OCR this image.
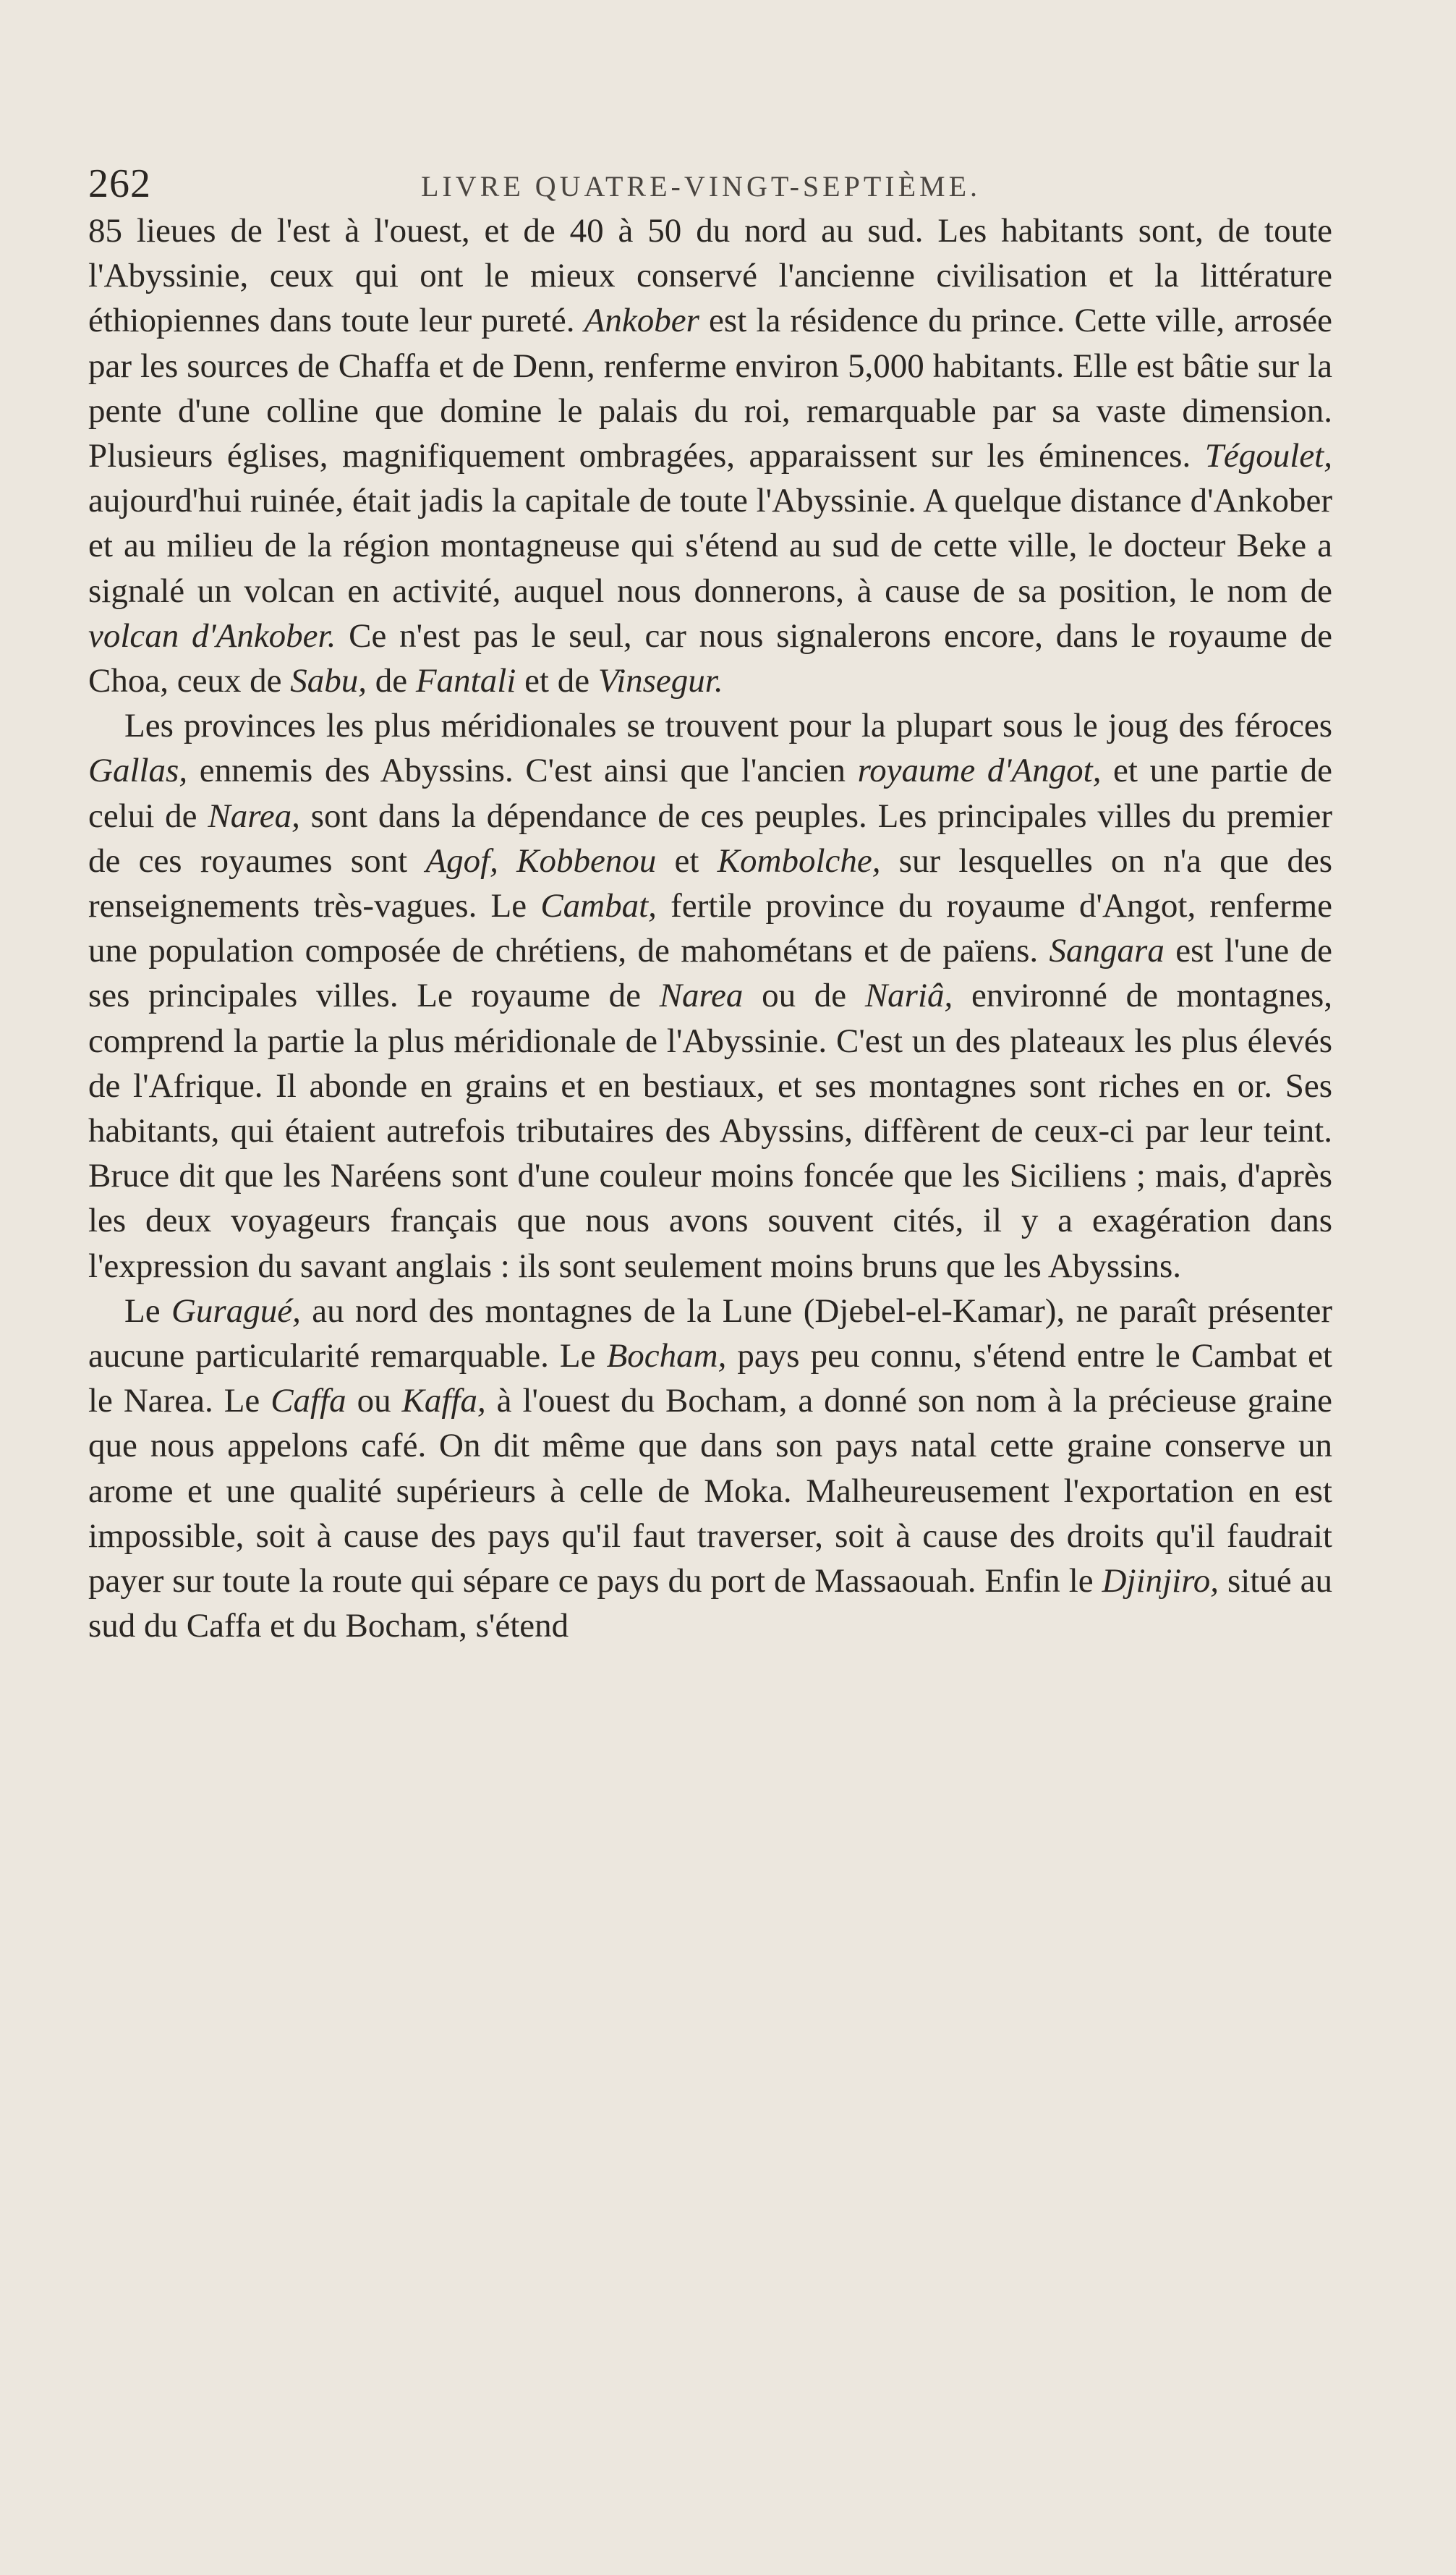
262	LIVRE QUATRE-VINGT-SEPTIÈME.

85 lieues de l'est à l'ouest, et de 40 à 50 du nord au sud. Les habitants sont, de toute l'Abyssinie, ceux qui ont le mieux conservé l'ancienne civilisation et la littérature éthiopiennes dans toute leur pureté. Ankober est la résidence du prince. Cette ville, arrosée par les sources de Chaffa et de Denn, renferme environ 5,000 habitants. Elle est bâtie sur la pente d'une colline que domine le palais du roi, remarquable par sa vaste dimension. Plusieurs églises, magnifiquement ombragées, apparaissent sur les éminences. Tégoulet, aujourd'hui ruinée, était jadis la capitale de toute l'Abyssinie. A quelque distance d'Ankober et au milieu de la région montagneuse qui s'étend au sud de cette ville, le docteur Beke a signalé un volcan en activité, auquel nous donnerons, à cause de sa position, le nom de volcan d'Ankober. Ce n'est pas le seul, car nous signalerons encore, dans le royaume de Choa, ceux de Sabu, de Fantali et de Vinsegur.

Les provinces les plus méridionales se trouvent pour la plupart sous le joug des féroces Gallas, ennemis des Abyssins. C'est ainsi que l'ancien royaume d'Angot, et une partie de celui de Narea, sont dans la dépendance de ces peuples. Les principales villes du premier de ces royaumes sont Agof, Kobbenou et Kombolche, sur lesquelles on n'a que des renseignements très-vagues. Le Cambat, fertile province du royaume d'Angot, renferme une population composée de chrétiens, de mahométans et de païens. Sangara est l'une de ses principales villes. Le royaume de Narea ou de Nariâ, environné de montagnes, comprend la partie la plus méridionale de l'Abyssinie. C'est un des plateaux les plus élevés de l'Afrique. Il abonde en grains et en bestiaux, et ses montagnes sont riches en or. Ses habitants, qui étaient autrefois tributaires des Abyssins, diffèrent de ceux-ci par leur teint. Bruce dit que les Naréens sont d'une couleur moins foncée que les Siciliens ; mais, d'après les deux voyageurs français que nous avons souvent cités, il y a exagération dans l'expression du savant anglais : ils sont seulement moins bruns que les Abyssins.

Le Guragué, au nord des montagnes de la Lune (Djebel-el-Kamar), ne paraît présenter aucune particularité remarquable. Le Bocham, pays peu connu, s'étend entre le Cambat et le Narea. Le Caffa ou Kaffa, à l'ouest du Bocham, a donné son nom à la précieuse graine que nous appelons café. On dit même que dans son pays natal cette graine conserve un arome et une qualité supérieurs à celle de Moka. Malheureusement l'exportation en est impossible, soit à cause des pays qu'il faut traverser, soit à cause des droits qu'il faudrait payer sur toute la route qui sépare ce pays du port de Massaouah. Enfin le Djinjiro, situé au sud du Caffa et du Bocham, s'étend
